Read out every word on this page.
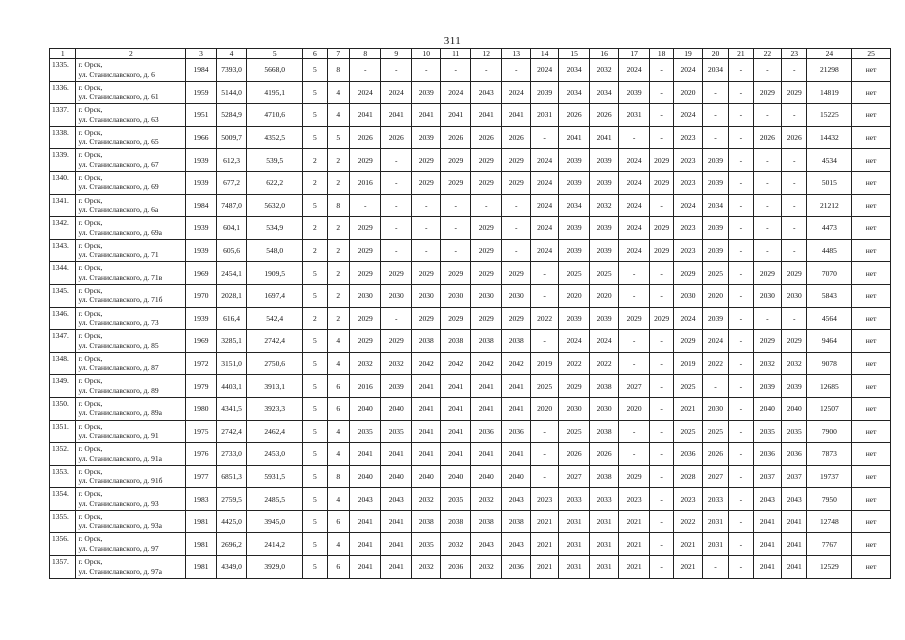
311
1	2	3	4	5	6	7	8	9	10	11	12	13	14	15	16	17	18	19	20	21	22	23	24	25
1335.	г. Орск,
ул. Станиславского, д. 6	1984	7393,0	5668,0	5	8	-	-	-	-	-	-	2024	2034	2032	2024	-	2024	2034	-	-	-	21298	нет
1336.	г. Орск,
ул. Станиславского, д. 61	1959	5144,0	4195,1	5	4	2024	2024	2039	2024	2043	2024	2039	2034	2034	2039	-	2020	-	-	2029	2029	14819	нет
1337.	г. Орск,
ул. Станиславского, д. 63	1951	5284,9	4710,6	5	4	2041	2041	2041	2041	2041	2041	2031	2026	2026	2031	-	2024	-	-	-	-	15225	нет
1338.	г. Орск,
ул. Станиславского, д. 65	1966	5009,7	4352,5	5	5	2026	2026	2039	2026	2026	2026	-	2041	2041	-	-	2023	-	-	2026	2026	14432	нет
1339.	г. Орск,
ул. Станиславского, д. 67	1939	612,3	539,5	2	2	2029	-	2029	2029	2029	2029	2024	2039	2039	2024	2029	2023	2039	-	-	-	4534	нет
1340.	г. Орск,
ул. Станиславского, д. 69	1939	677,2	622,2	2	2	2016	-	2029	2029	2029	2029	2024	2039	2039	2024	2029	2023	2039	-	-	-	5015	нет
1341.	г. Орск,
ул. Станиславского, д. 6а	1984	7487,0	5632,0	5	8	-	-	-	-	-	-	2024	2034	2032	2024	-	2024	2034	-	-	-	21212	нет
1342.	г. Орск,
ул. Станиславского, д. 69а	1939	604,1	534,9	2	2	2029	-	-	-	2029	-	2024	2039	2039	2024	2029	2023	2039	-	-	-	4473	нет
1343.	г. Орск,
ул. Станиславского, д. 71	1939	605,6	548,0	2	2	2029	-	-	-	2029	-	2024	2039	2039	2024	2029	2023	2039	-	-	-	4485	нет
1344.	г. Орск,
ул. Станиславского, д. 71в	1969	2454,1	1909,5	5	2	2029	2029	2029	2029	2029	2029	-	2025	2025	-	-	2029	2025	-	2029	2029	7070	нет
1345.	г. Орск,
ул. Станиславского, д. 71б	1970	2028,1	1697,4	5	2	2030	2030	2030	2030	2030	2030	-	2020	2020	-	-	2030	2020	-	2030	2030	5843	нет
1346.	г. Орск,
ул. Станиславского, д. 73	1939	616,4	542,4	2	2	2029	-	2029	2029	2029	2029	2022	2039	2039	2029	2029	2024	2039	-	-	-	4564	нет
1347.	г. Орск,
ул. Станиславского, д. 85	1969	3285,1	2742,4	5	4	2029	2029	2038	2038	2038	2038	-	2024	2024	-	-	2029	2024	-	2029	2029	9464	нет
1348.	г. Орск,
ул. Станиславского, д. 87	1972	3151,0	2750,6	5	4	2032	2032	2042	2042	2042	2042	2019	2022	2022	-	-	2019	2022	-	2032	2032	9078	нет
1349.	г. Орск,
ул. Станиславского, д. 89	1979	4403,1	3913,1	5	6	2016	2039	2041	2041	2041	2041	2025	2029	2038	2027	-	2025	-	-	2039	2039	12685	нет
1350.	г. Орск,
ул. Станиславского, д. 89а	1980	4341,5	3923,3	5	6	2040	2040	2041	2041	2041	2041	2020	2030	2030	2020	-	2021	2030	-	2040	2040	12507	нет
1351.	г. Орск,
ул. Станиславского, д. 91	1975	2742,4	2462,4	5	4	2035	2035	2041	2041	2036	2036	-	2025	2038	-	-	2025	2025	-	2035	2035	7900	нет
1352.	г. Орск,
ул. Станиславского, д. 91а	1976	2733,0	2453,0	5	4	2041	2041	2041	2041	2041	2041	-	2026	2026	-	-	2036	2026	-	2036	2036	7873	нет
1353.	г. Орск,
ул. Станиславского, д. 91б	1977	6851,3	5931,5	5	8	2040	2040	2040	2040	2040	2040	-	2027	2038	2029	-	2028	2027	-	2037	2037	19737	нет
1354.	г. Орск,
ул. Станиславского, д. 93	1983	2759,5	2485,5	5	4	2043	2043	2032	2035	2032	2043	2023	2033	2033	2023	-	2023	2033	-	2043	2043	7950	нет
1355.	г. Орск,
ул. Станиславского, д. 93а	1981	4425,0	3945,0	5	6	2041	2041	2038	2038	2038	2038	2021	2031	2031	2021	-	2022	2031	-	2041	2041	12748	нет
1356.	г. Орск,
ул. Станиславского, д. 97	1981	2696,2	2414,2	5	4	2041	2041	2035	2032	2043	2043	2021	2031	2031	2021	-	2021	2031	-	2041	2041	7767	нет
1357.	г. Орск,
ул. Станиславского, д. 97а	1981	4349,0	3929,0	5	6	2041	2041	2032	2036	2032	2036	2021	2031	2031	2021	-	2021	-	-	2041	2041	12529	нет
